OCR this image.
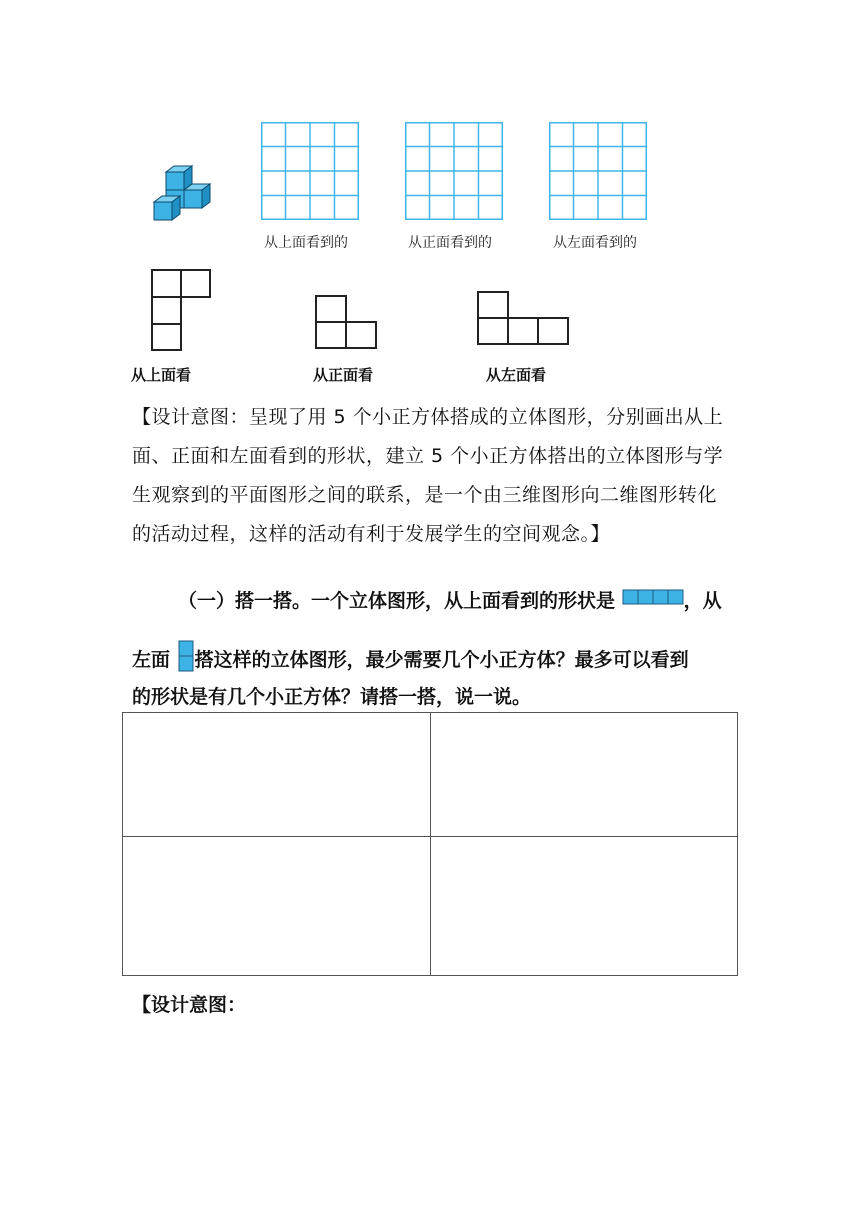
从上面看到的	从正面看到的	从左面看到的
从上面看	从正面看	从左面看
【设计意图：呈现了用 5 个小正方体搭成的立体图形，分别画出从上面、正面和左面看到的形状，建立 5 个小正方体搭出的立体图形与学生观察到的平面图形之间的联系，是一个由三维图形向二维图形转化的活动过程，这样的活动有利于发展学生的空间观念。】
（一）搭一搭。一个立体图形，从上面看到的形状是	，从
左面 搭这样的立体图形，最少需要几个小正方体？最多可以看到
的形状是有几个小正方体？请搭一搭，说一说。
【设计意图：
